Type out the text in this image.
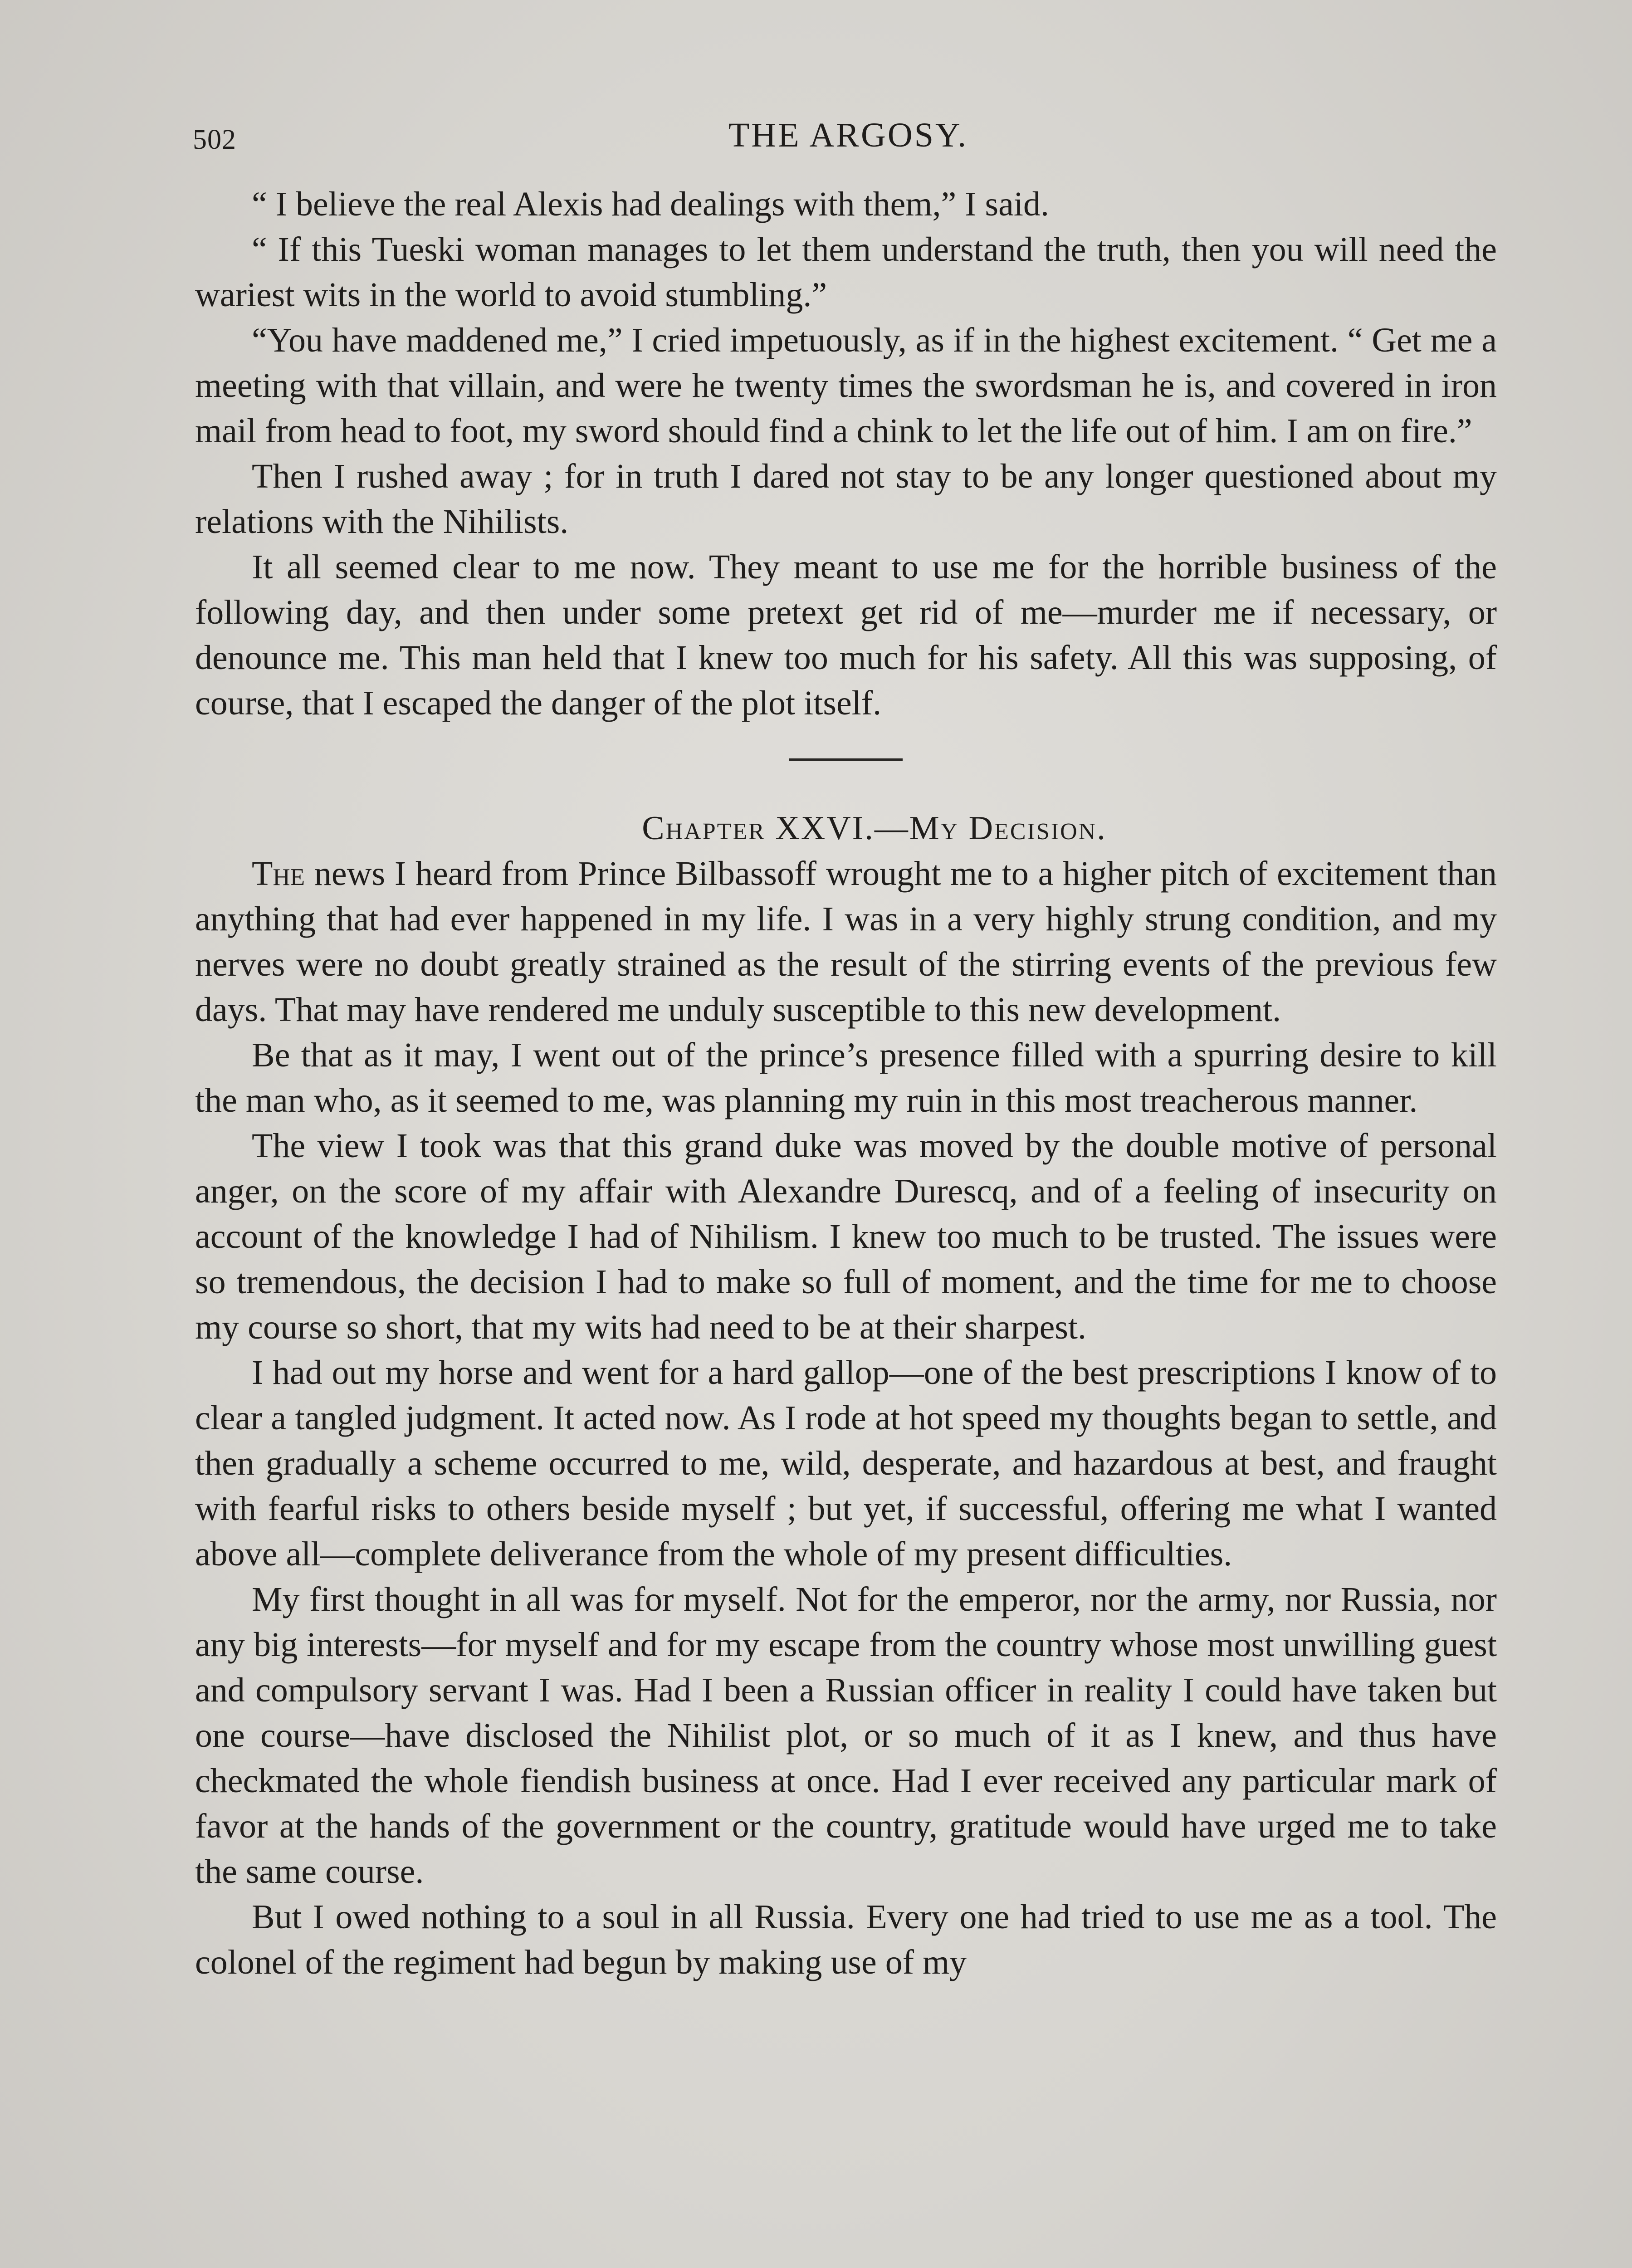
502	THE ARGOSY.

“ I believe the real Alexis had dealings with them,” I said.

“ If this Tueski woman manages to let them understand the truth, then you will need the wariest wits in the world to avoid stumbling.”

“You have maddened me,” I cried impetuously, as if in the highest excitement. “ Get me a meeting with that villain, and were he twenty times the swordsman he is, and covered in iron mail from head to foot, my sword should find a chink to let the life out of him. I am on fire.”

Then I rushed away ; for in truth I dared not stay to be any longer questioned about my relations with the Nihilists.

It all seemed clear to me now. They meant to use me for the horrible business of the following day, and then under some pretext get rid of me—murder me if necessary, or denounce me. This man held that I knew too much for his safety. All this was supposing, of course, that I escaped the danger of the plot itself.

Chapter XXVI.—My Decision.

The news I heard from Prince Bilbassoff wrought me to a higher pitch of excitement than anything that had ever happened in my life. I was in a very highly strung condition, and my nerves were no doubt greatly strained as the result of the stirring events of the previous few days. That may have rendered me unduly susceptible to this new development.

Be that as it may, I went out of the prince’s presence filled with a spurring desire to kill the man who, as it seemed to me, was planning my ruin in this most treacherous manner.

The view I took was that this grand duke was moved by the double motive of personal anger, on the score of my affair with Alexandre Durescq, and of a feeling of insecurity on account of the knowledge I had of Nihilism. I knew too much to be trusted. The issues were so tremendous, the decision I had to make so full of moment, and the time for me to choose my course so short, that my wits had need to be at their sharpest.

I had out my horse and went for a hard gallop—one of the best prescriptions I know of to clear a tangled judgment. It acted now. As I rode at hot speed my thoughts began to settle, and then gradually a scheme occurred to me, wild, desperate, and hazardous at best, and fraught with fearful risks to others beside myself ; but yet, if successful, offering me what I wanted above all—complete deliverance from the whole of my present difficulties.

My first thought in all was for myself. Not for the emperor, nor the army, nor Russia, nor any big interests—for myself and for my escape from the country whose most unwilling guest and compulsory servant I was. Had I been a Russian officer in reality I could have taken but one course—have disclosed the Nihilist plot, or so much of it as I knew, and thus have checkmated the whole fiendish business at once. Had I ever received any particular mark of favor at the hands of the government or the country, gratitude would have urged me to take the same course.

But I owed nothing to a soul in all Russia. Every one had tried to use me as a tool. The colonel of the regiment had begun by making use of my
